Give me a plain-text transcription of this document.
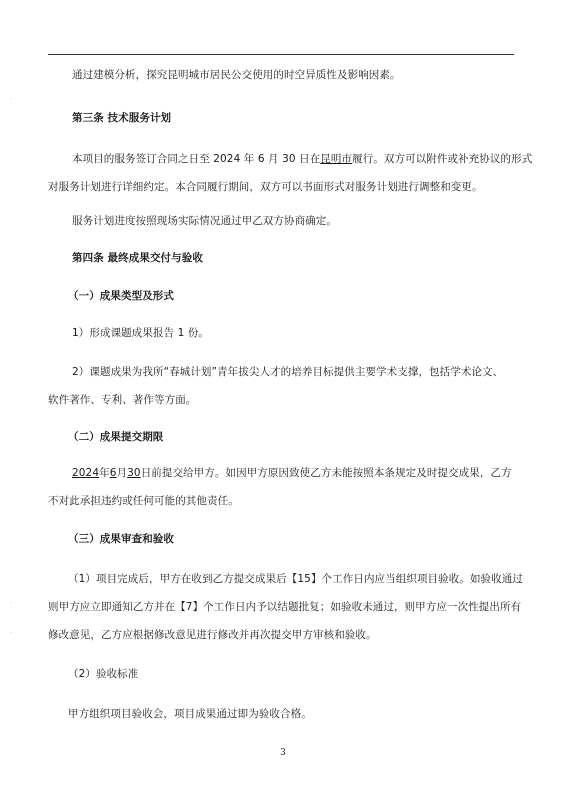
·
·
·
通过建模分析，探究昆明城市居民公交使用的时空异质性及影响因素。
第三条 技术服务计划
本项目的服务签订合同之日至 2024 年 6 月 30 日在昆明市履行。双方可以附件或补充协议的形式
对服务计划进行详细约定。本合同履行期间，双方可以书面形式对服务计划进行调整和变更。
服务计划进度按照现场实际情况通过甲乙双方协商确定。
第四条 最终成果交付与验收
（一）成果类型及形式
1）形成课题成果报告 1 份。
2）课题成果为我所“春城计划”青年拔尖人才的培养目标提供主要学术支撑，包括学术论文、
软件著作、专利、著作等方面。
（二）成果提交期限
2024年6月30日前提交给甲方。如因甲方原因致使乙方未能按照本条规定及时提交成果，乙方
不对此承担违约或任何可能的其他责任。
（三）成果审查和验收
（1）项目完成后，甲方在收到乙方提交成果后【15】个工作日内应当组织项目验收。如验收通过
则甲方应立即通知乙方并在【7】个工作日内予以结题批复；如验收未通过，则甲方应一次性提出所有
修改意见，乙方应根据修改意见进行修改并再次提交甲方审核和验收。
（2）验收标准
甲方组织项目验收会，项目成果通过即为验收合格。
3
